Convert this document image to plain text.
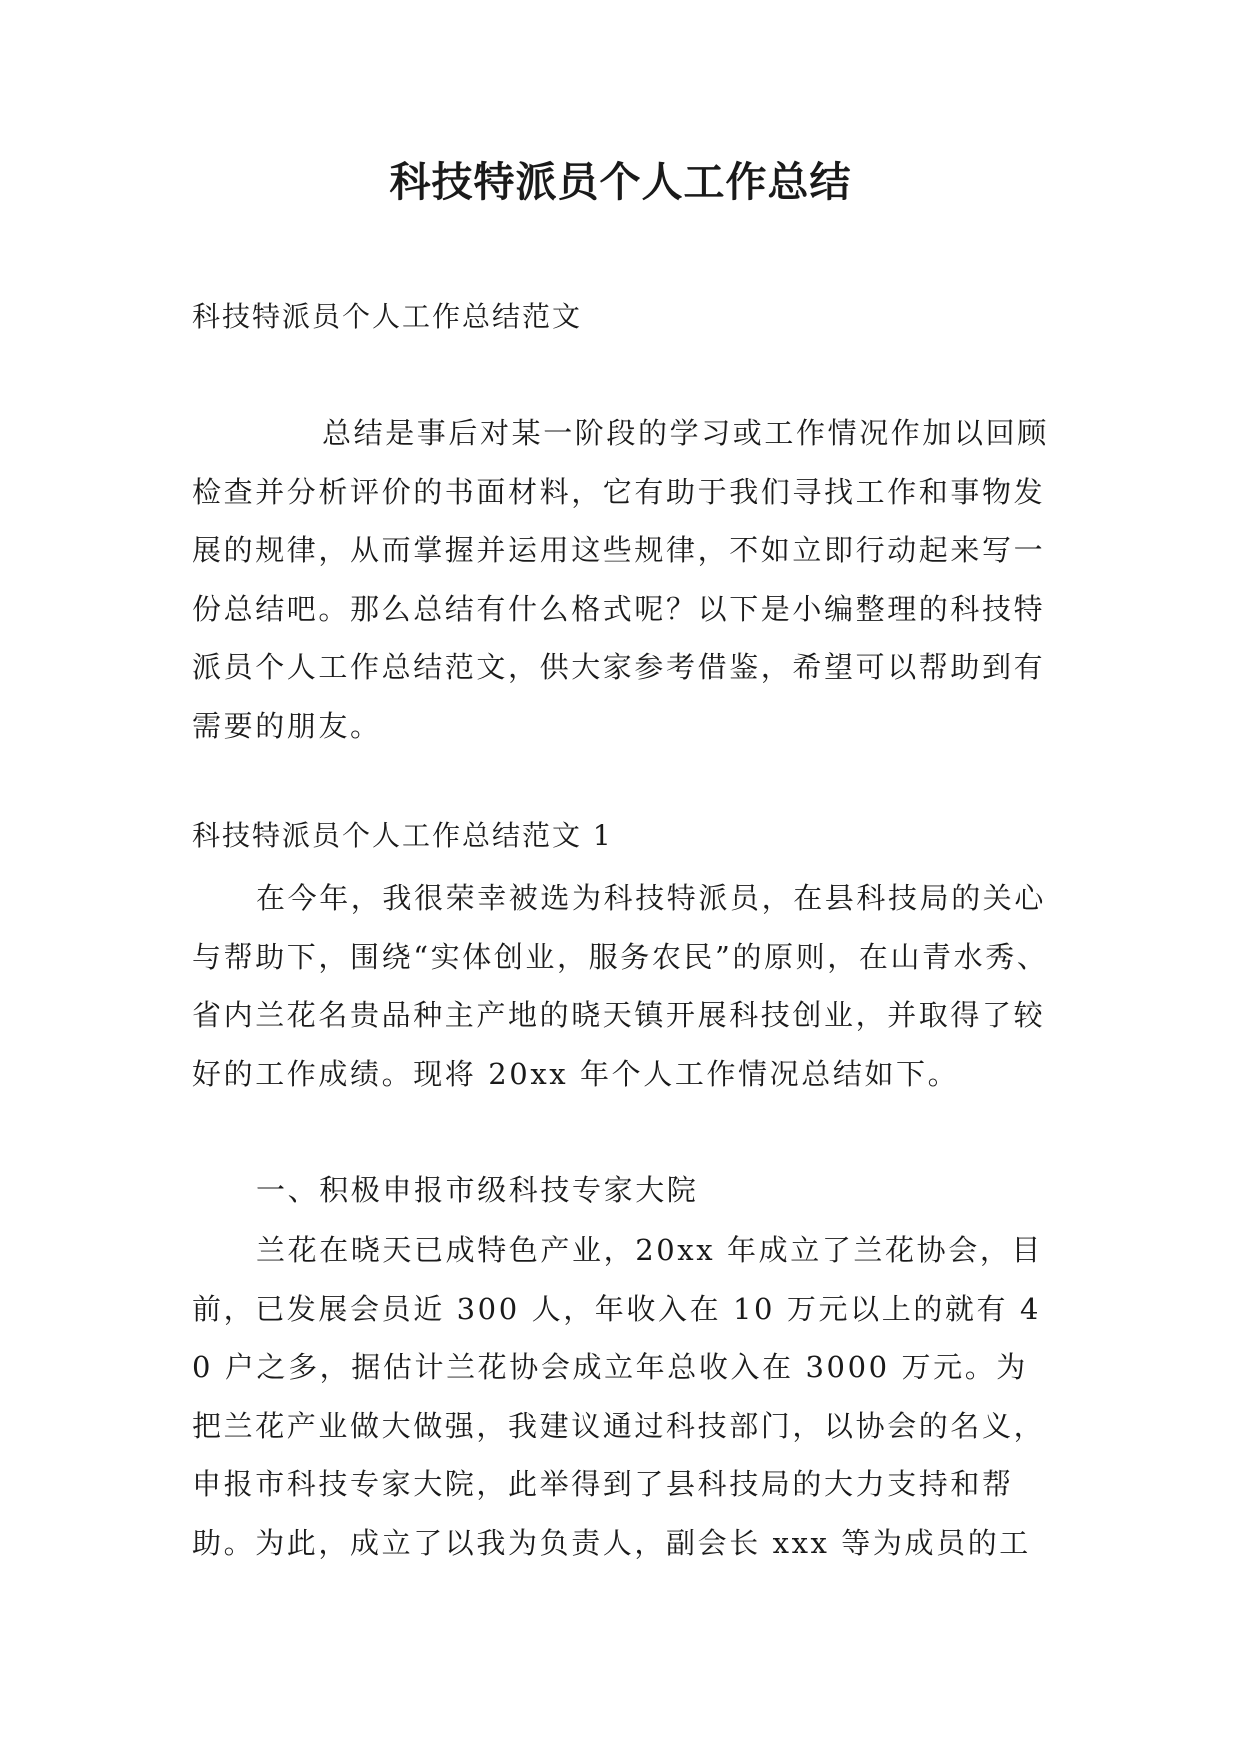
科技特派员个人工作总结

科技特派员个人工作总结范文

总结是事后对某一阶段的学习或工作情况作加以回顾检查并分析评价的书面材料，它有助于我们寻找工作和事物发展的规律，从而掌握并运用这些规律，不如立即行动起来写一份总结吧。那么总结有什么格式呢？以下是小编整理的科技特派员个人工作总结范文，供大家参考借鉴，希望可以帮助到有需要的朋友。

科技特派员个人工作总结范文 1

在今年，我很荣幸被选为科技特派员，在县科技局的关心与帮助下，围绕“实体创业，服务农民”的原则，在山青水秀、省内兰花名贵品种主产地的晓天镇开展科技创业，并取得了较好的工作成绩。现将 20xx 年个人工作情况总结如下。

一、积极申报市级科技专家大院

兰花在晓天已成特色产业，20xx 年成立了兰花协会，目前，已发展会员近 300 人，年收入在 10 万元以上的就有 40 户之多，据估计兰花协会成立年总收入在 3000 万元。为把兰花产业做大做强，我建议通过科技部门，以协会的名义，申报市科技专家大院，此举得到了县科技局的大力支持和帮助。为此，成立了以我为负责人，副会长 xxx 等为成员的工
